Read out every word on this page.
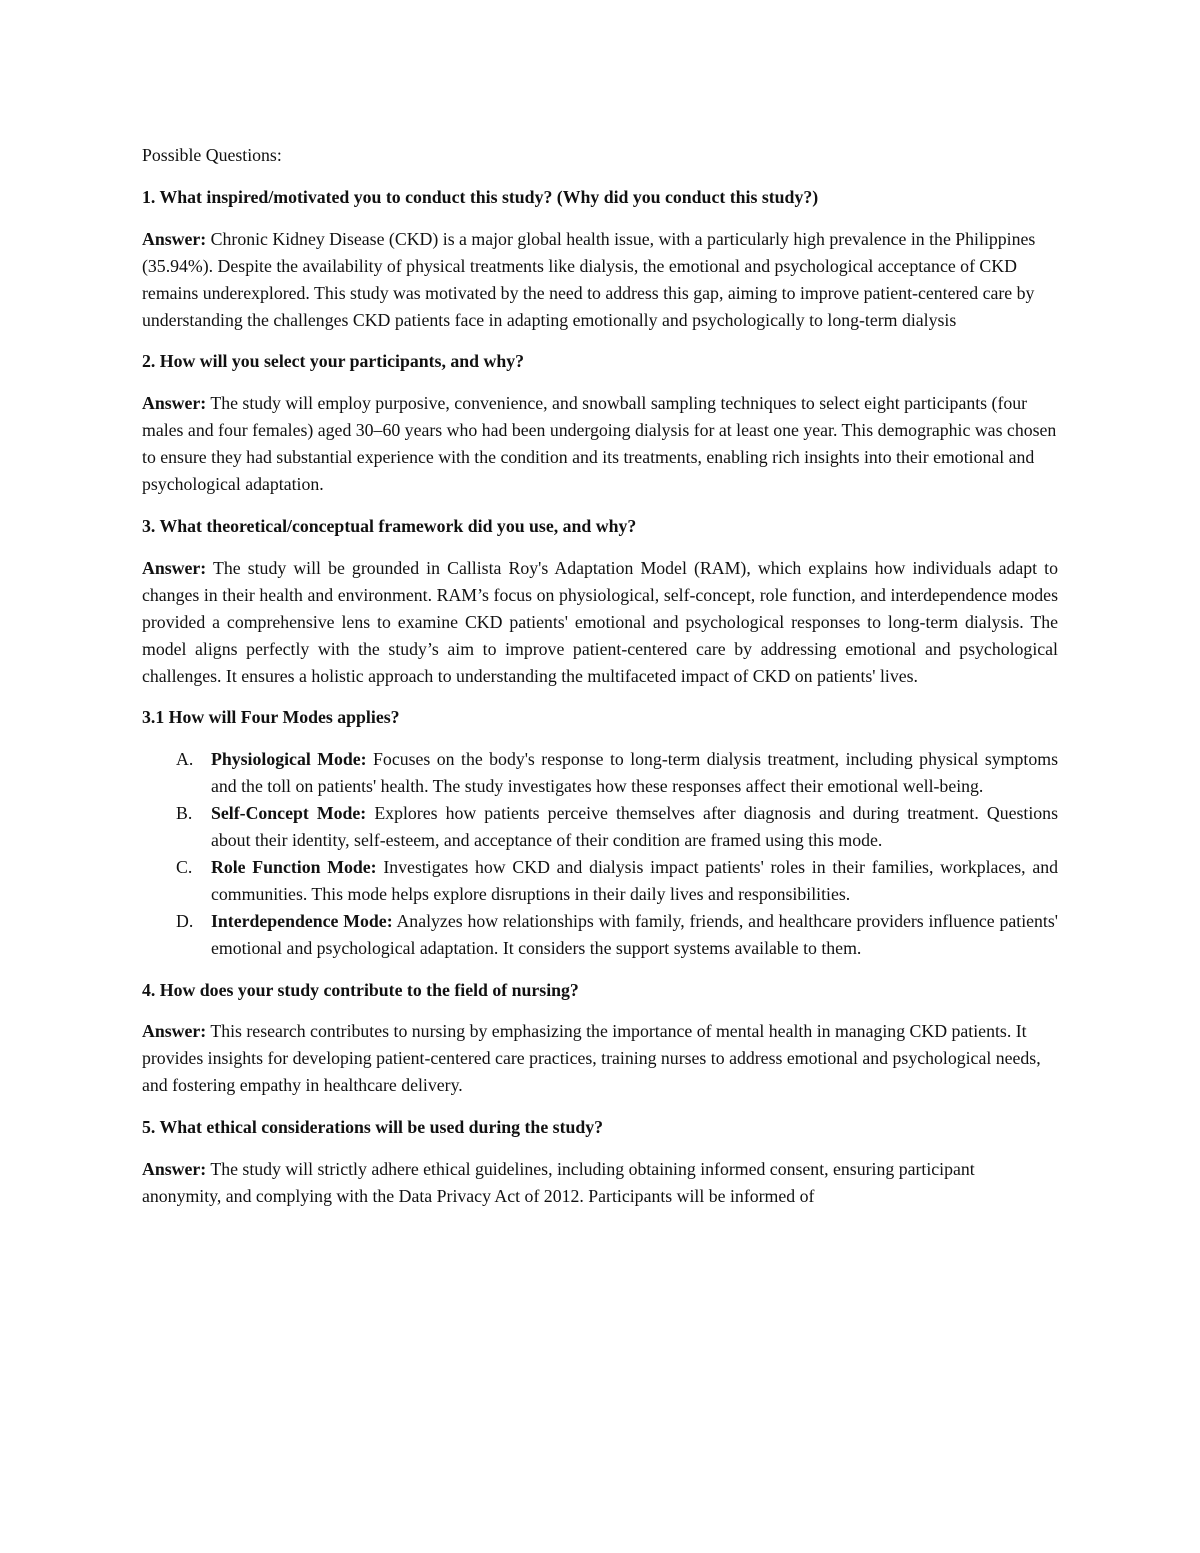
Possible Questions:

1. What inspired/motivated you to conduct this study? (Why did you conduct this study?)

Answer: Chronic Kidney Disease (CKD) is a major global health issue, with a particularly high prevalence in the Philippines (35.94%). Despite the availability of physical treatments like dialysis, the emotional and psychological acceptance of CKD remains underexplored. This study was motivated by the need to address this gap, aiming to improve patient-centered care by understanding the challenges CKD patients face in adapting emotionally and psychologically to long-term dialysis

2. How will you select your participants, and why?

Answer: The study will employ purposive, convenience, and snowball sampling techniques to select eight participants (four males and four females) aged 30–60 years who had been undergoing dialysis for at least one year. This demographic was chosen to ensure they had substantial experience with the condition and its treatments, enabling rich insights into their emotional and psychological adaptation.

3. What theoretical/conceptual framework did you use, and why?

Answer: The study will be grounded in Callista Roy's Adaptation Model (RAM), which explains how individuals adapt to changes in their health and environment. RAM’s focus on physiological, self-concept, role function, and interdependence modes provided a comprehensive lens to examine CKD patients' emotional and psychological responses to long-term dialysis. The model aligns perfectly with the study’s aim to improve patient-centered care by addressing emotional and psychological challenges. It ensures a holistic approach to understanding the multifaceted impact of CKD on patients' lives.

3.1 How will Four Modes applies?

A. Physiological Mode: Focuses on the body's response to long-term dialysis treatment, including physical symptoms and the toll on patients' health. The study investigates how these responses affect their emotional well-being.
B. Self-Concept Mode: Explores how patients perceive themselves after diagnosis and during treatment. Questions about their identity, self-esteem, and acceptance of their condition are framed using this mode.
C. Role Function Mode: Investigates how CKD and dialysis impact patients' roles in their families, workplaces, and communities. This mode helps explore disruptions in their daily lives and responsibilities.
D. Interdependence Mode: Analyzes how relationships with family, friends, and healthcare providers influence patients' emotional and psychological adaptation. It considers the support systems available to them.

4. How does your study contribute to the field of nursing?

Answer: This research contributes to nursing by emphasizing the importance of mental health in managing CKD patients. It provides insights for developing patient-centered care practices, training nurses to address emotional and psychological needs, and fostering empathy in healthcare delivery.

5. What ethical considerations will be used during the study?

Answer: The study will strictly adhere ethical guidelines, including obtaining informed consent, ensuring participant anonymity, and complying with the Data Privacy Act of 2012. Participants will be informed of
